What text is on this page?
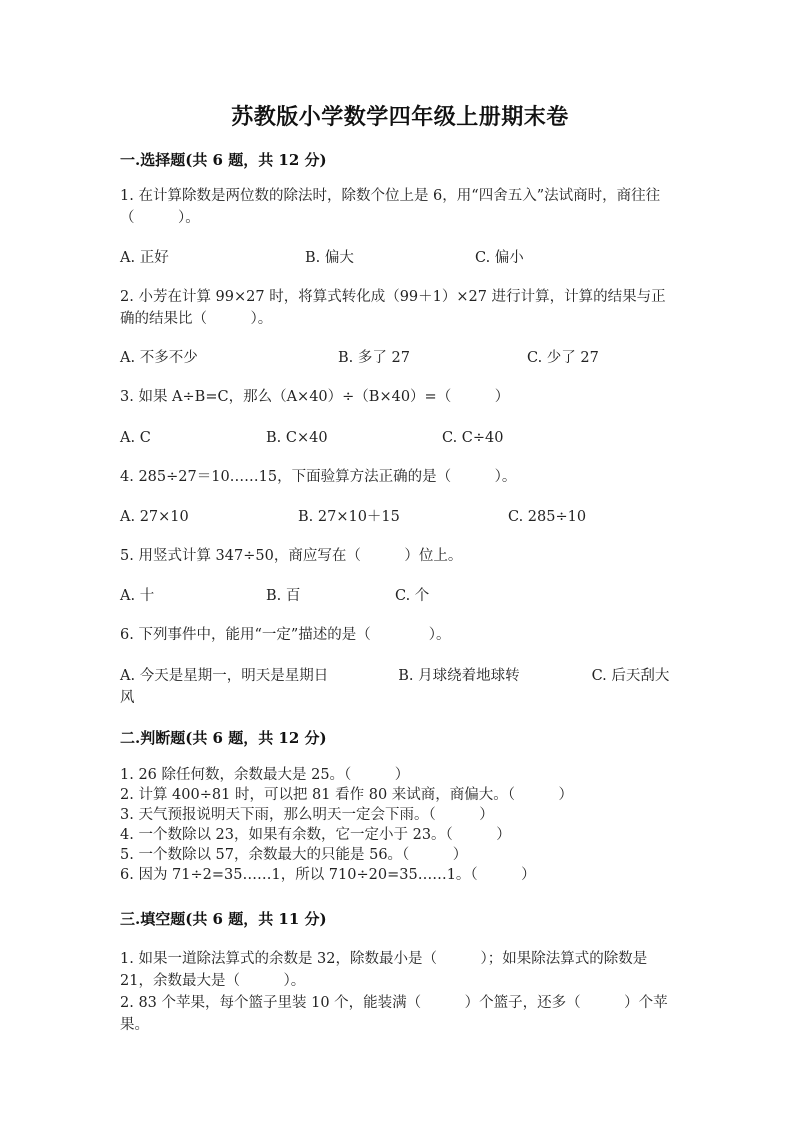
苏教版小学数学四年级上册期末卷
一.选择题(共 6 题，共 12 分)
1. 在计算除数是两位数的除法时，除数个位上是 6，用“四舍五入”法试商时，商往往（　　　）。
A. 正好	B. 偏大	C. 偏小
2. 小芳在计算 99×27 时，将算式转化成（99＋1）×27 进行计算，计算的结果与正确的结果比（　　　）。
A. 不多不少	B. 多了 27	C. 少了 27
3. 如果 A÷B=C，那么（A×40）÷（B×40）=（　　　）
A. C	B. C×40	C. C÷40
4. 285÷27＝10……15，下面验算方法正确的是（　　　）。
A. 27×10	B. 27×10＋15	C. 285÷10
5. 用竖式计算 347÷50，商应写在（　　　）位上。
A. 十	B. 百	C. 个
6. 下列事件中，能用“一定”描述的是（　　　　）。
A. 今天是星期一，明天是星期日	B. 月球绕着地球转	C. 后天刮大风
二.判断题(共 6 题，共 12 分)
1. 26 除任何数，余数最大是 25。（　　　）
2. 计算 400÷81 时，可以把 81 看作 80 来试商，商偏大。（　　　）
3. 天气预报说明天下雨，那么明天一定会下雨。（　　　）
4. 一个数除以 23，如果有余数，它一定小于 23。（　　　）
5. 一个数除以 57，余数最大的只能是 56。（　　　）
6. 因为 71÷2=35……1，所以 710÷20=35……1。（　　　）
三.填空题(共 6 题，共 11 分)
1. 如果一道除法算式的余数是 32，除数最小是（　　　）；如果除法算式的除数是 21，余数最大是（　　　）。
2. 83 个苹果，每个篮子里装 10 个，能装满（　　　）个篮子，还多（　　　）个苹果。
